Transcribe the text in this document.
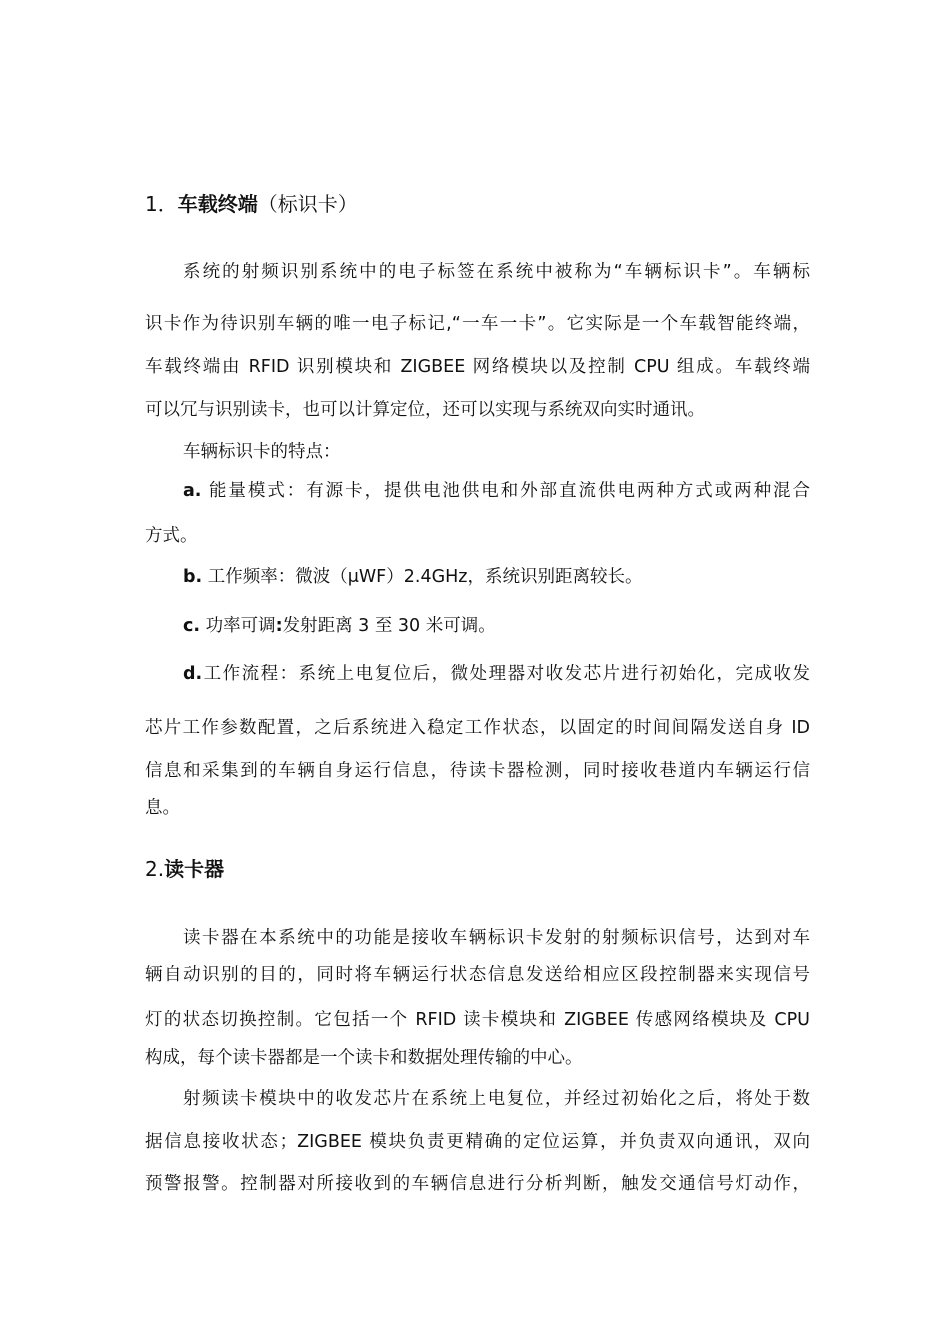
1．车载终端（标识卡）
系统的射频识别系统中的电子标签在系统中被称为“车辆标识卡”。车辆标
识卡作为待识别车辆的唯一电子标记,“一车一卡”。它实际是一个车载智能终端，
车载终端由 RFID 识别模块和 ZIGBEE 网络模块以及控制 CPU 组成。车载终端
可以冗与识别读卡，也可以计算定位，还可以实现与系统双向实时通讯。
车辆标识卡的特点：
a. 能量模式：有源卡，提供电池供电和外部直流供电两种方式或两种混合
方式。
b. 工作频率：微波（μWF）2.4GHz，系统识别距离较长。
c. 功率可调:发射距离 3 至 30 米可调。
d.工作流程：系统上电复位后，微处理器对收发芯片进行初始化，完成收发
芯片工作参数配置，之后系统进入稳定工作状态，以固定的时间间隔发送自身 ID
信息和采集到的车辆自身运行信息，待读卡器检测，同时接收巷道内车辆运行信
息。
2.读卡器
读卡器在本系统中的功能是接收车辆标识卡发射的射频标识信号，达到对车
辆自动识别的目的，同时将车辆运行状态信息发送给相应区段控制器来实现信号
灯的状态切换控制。它包括一个 RFID 读卡模块和 ZIGBEE 传感网络模块及 CPU
构成，每个读卡器都是一个读卡和数据处理传输的中心。
射频读卡模块中的收发芯片在系统上电复位，并经过初始化之后，将处于数
据信息接收状态；ZIGBEE 模块负责更精确的定位运算，并负责双向通讯，双向
预警报警。控制器对所接收到的车辆信息进行分析判断，触发交通信号灯动作，
